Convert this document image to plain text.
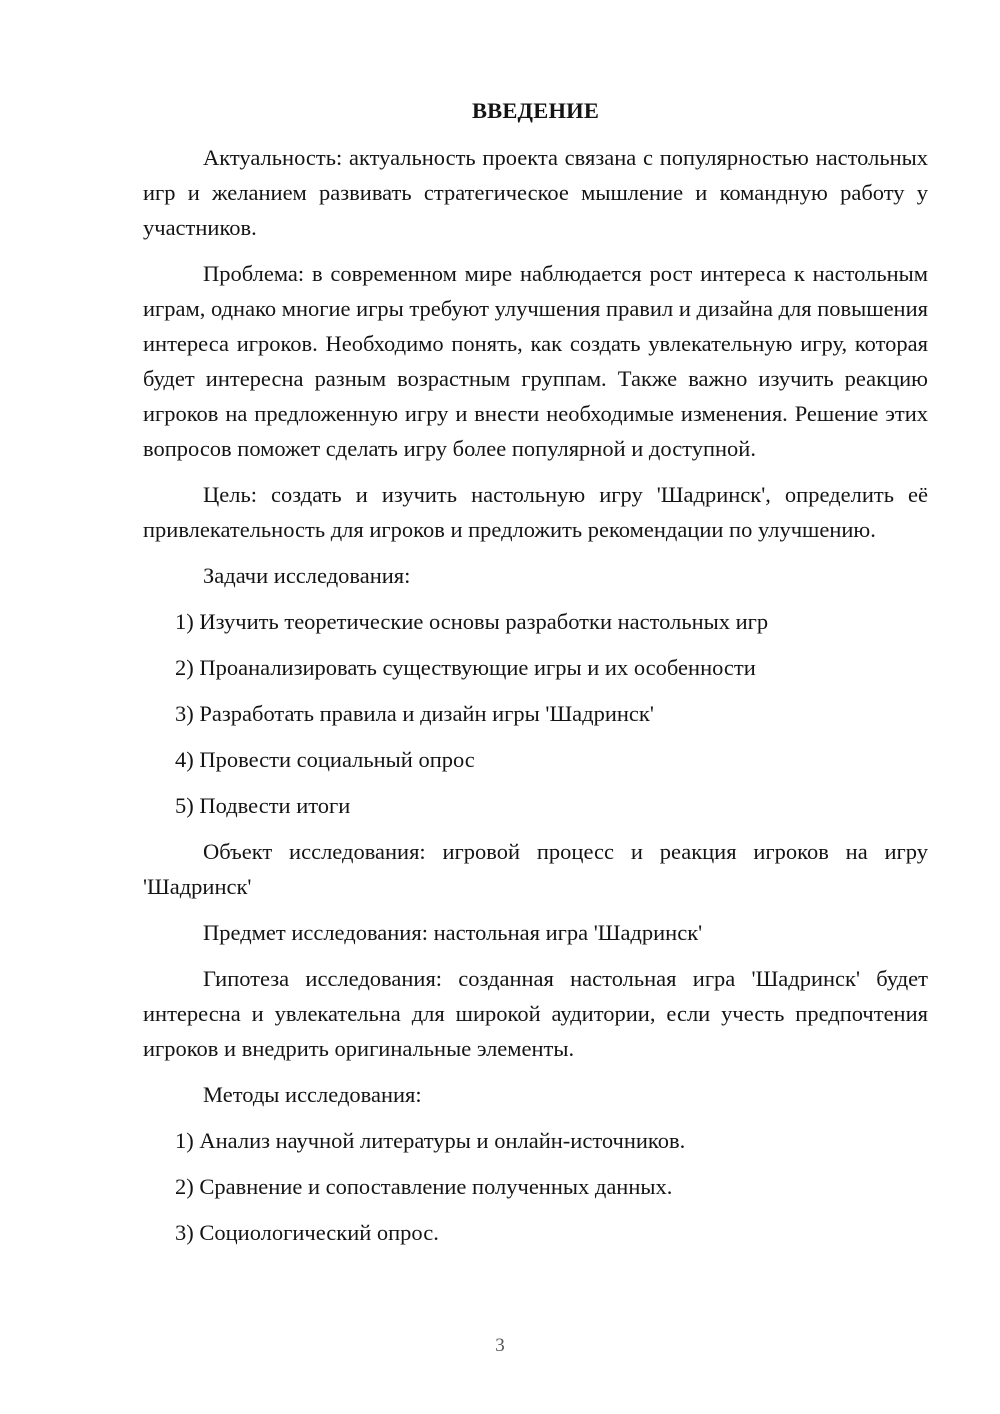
ВВЕДЕНИЕ

Актуальность: актуальность проекта связана с популярностью настольных игр и желанием развивать стратегическое мышление и командную работу у участников.

Проблема: в современном мире наблюдается рост интереса к настольным играм, однако многие игры требуют улучшения правил и дизайна для повышения интереса игроков. Необходимо понять, как создать увлекательную игру, которая будет интересна разным возрастным группам. Также важно изучить реакцию игроков на предложенную игру и внести необходимые изменения. Решение этих вопросов поможет сделать игру более популярной и доступной.

Цель: создать и изучить настольную игру 'Шадринск', определить её привлекательность для игроков и предложить рекомендации по улучшению.

Задачи исследования:

1) Изучить теоретические основы разработки настольных игр

2) Проанализировать существующие игры и их особенности

3) Разработать правила и дизайн игры 'Шадринск'

4) Провести социальный опрос

5) Подвести итоги

Объект исследования: игровой процесс и реакция игроков на игру 'Шадринск'

Предмет исследования: настольная игра 'Шадринск'

Гипотеза исследования: созданная настольная игра 'Шадринск' будет интересна и увлекательна для широкой аудитории, если учесть предпочтения игроков и внедрить оригинальные элементы.

Методы исследования:

1) Анализ научной литературы и онлайн-источников.

2) Сравнение и сопоставление полученных данных.

3) Социологический опрос.

3
